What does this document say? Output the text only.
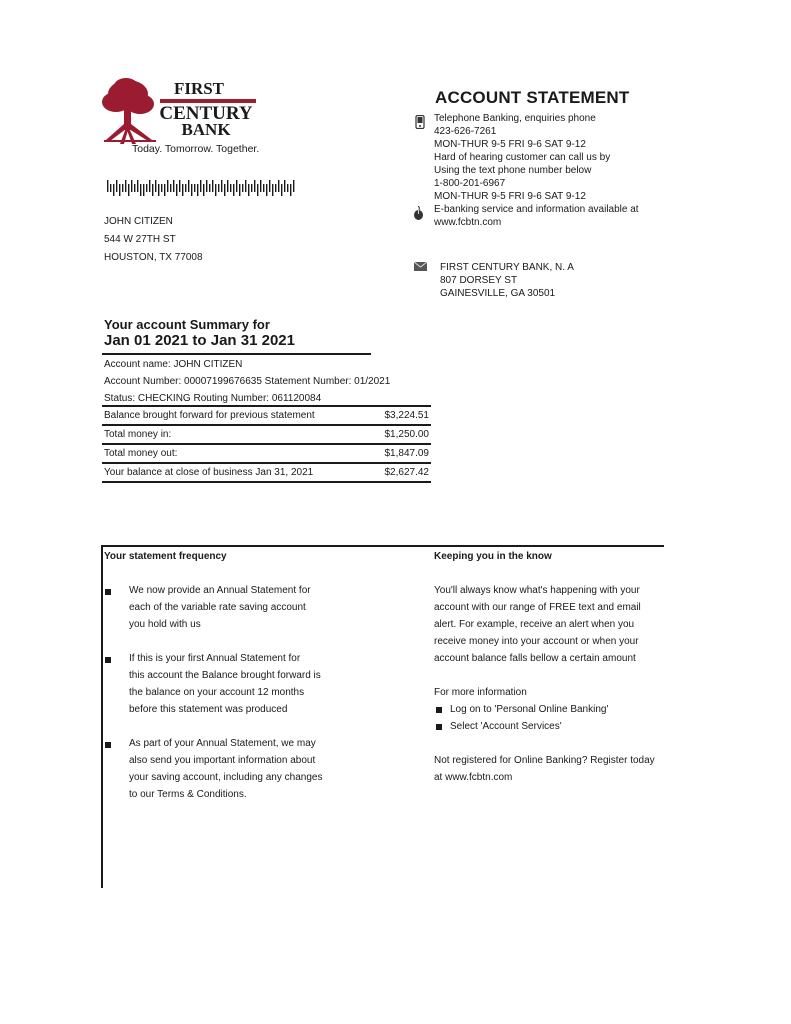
FIRST
CENTURY
BANK
Today. Tomorrow. Together.
JOHN CITIZEN
544 W 27TH ST
HOUSTON, TX 77008
ACCOUNT STATEMENT
Telephone Banking, enquiries phone
423-626-7261
MON-THUR 9-5 FRI 9-6 SAT 9-12
Hard of hearing customer can call us by
Using the text phone number below
1-800-201-6967
MON-THUR 9-5 FRI 9-6 SAT 9-12
E-banking service and information available at
www.fcbtn.com
FIRST CENTURY BANK, N. A
807 DORSEY ST
GAINESVILLE, GA 30501
Your account Summary for
Jan 01 2021 to Jan 31 2021
Account name: JOHN CITIZEN
Account Number: 00007199676635 Statement Number: 01/2021
Status: CHECKING Routing Number: 061120084
Balance brought forward for previous statement	$3,224.51
Total money in:	$1,250.00
Total money out:	$1,847.09
Your balance at close of business Jan 31, 2021	$2,627.42
Your statement frequency
We now provide an Annual Statement for
each of the variable rate saving account
you hold with us
If this is your first Annual Statement for
this account the Balance brought forward is
the balance on your account 12 months
before this statement was produced
As part of your Annual Statement, we may
also send you important information about
your saving account, including any changes
to our Terms & Conditions.
Keeping you in the know
You'll always know what's happening with your
account with our range of FREE text and email
alert. For example, receive an alert when you
receive money into your account or when your
account balance falls bellow a certain amount
For more information
Log on to 'Personal Online Banking'
Select 'Account Services'
Not registered for Online Banking? Register today
at www.fcbtn.com
